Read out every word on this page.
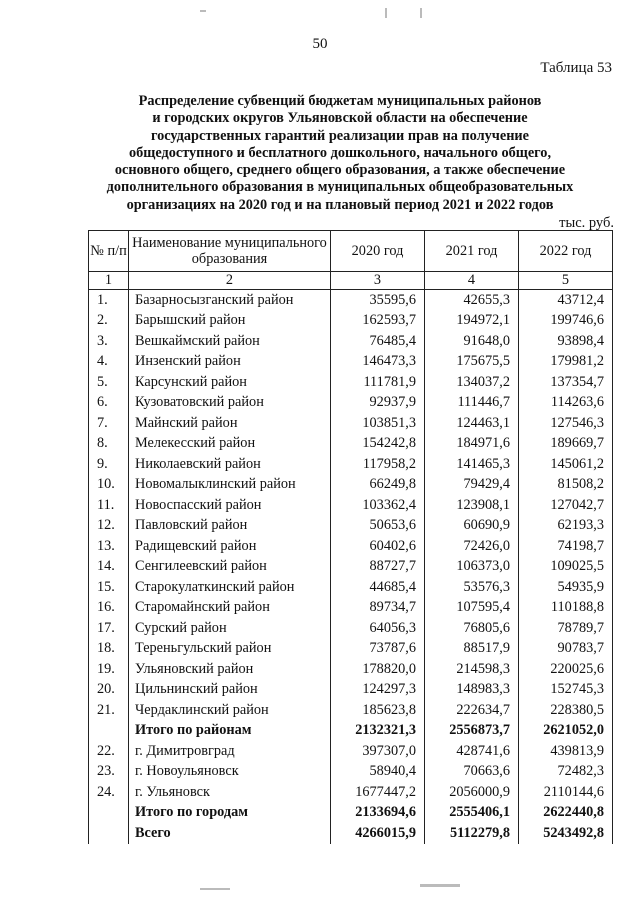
50
Таблица 53
Распределение субвенций бюджетам муниципальных районов
и городских округов Ульяновской области на обеспечение
государственных гарантий реализации прав на получение
общедоступного и бесплатного дошкольного, начального общего,
основного общего, среднего общего образования, а также обеспечение
дополнительного образования в муниципальных общеобразовательных
организациях на 2020 год и на плановый период 2021 и 2022 годов
тыс. руб.
№ п/п	Наименование муниципального образования	2020 год	2021 год	2022 год
1	2	3	4	5
1.	Базарносызганский район	35595,6	42655,3	43712,4
2.	Барышский район	162593,7	194972,1	199746,6
3.	Вешкаймский район	76485,4	91648,0	93898,4
4.	Инзенский район	146473,3	175675,5	179981,2
5.	Карсунский район	111781,9	134037,2	137354,7
6.	Кузоватовский район	92937,9	111446,7	114263,6
7.	Майнский район	103851,3	124463,1	127546,3
8.	Мелекесский район	154242,8	184971,6	189669,7
9.	Николаевский район	117958,2	141465,3	145061,2
10.	Новомалыклинский район	66249,8	79429,4	81508,2
11.	Новоспасский район	103362,4	123908,1	127042,7
12.	Павловский район	50653,6	60690,9	62193,3
13.	Радищевский район	60402,6	72426,0	74198,7
14.	Сенгилеевский район	88727,7	106373,0	109025,5
15.	Старокулаткинский район	44685,4	53576,3	54935,9
16.	Старомайнский район	89734,7	107595,4	110188,8
17.	Сурский район	64056,3	76805,6	78789,7
18.	Тереньгульский район	73787,6	88517,9	90783,7
19.	Ульяновский район	178820,0	214598,3	220025,6
20.	Цильнинский район	124297,3	148983,3	152745,3
21.	Чердаклинский район	185623,8	222634,7	228380,5
	Итого по районам	2132321,3	2556873,7	2621052,0
22.	г. Димитровград	397307,0	428741,6	439813,9
23.	г. Новоульяновск	58940,4	70663,6	72482,3
24.	г. Ульяновск	1677447,2	2056000,9	2110144,6
	Итого по городам	2133694,6	2555406,1	2622440,8
	Всего	4266015,9	5112279,8	5243492,8
